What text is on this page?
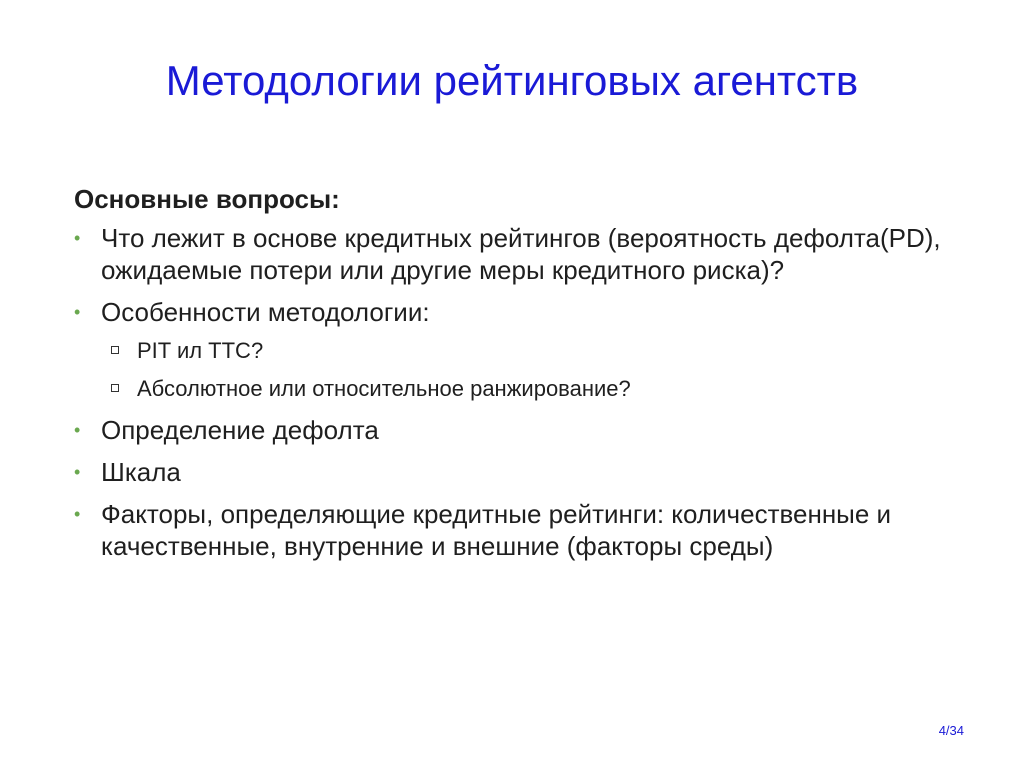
Методологии рейтинговых агентств
Основные вопросы:
• Что лежит в основе кредитных рейтингов (вероятность дефолта(PD), ожидаемые потери или другие меры кредитного риска)?
• Особенности методологии:
PIT ил TTC?
Абсолютное или относительное ранжирование?
• Определение дефолта
• Шкала
• Факторы, определяющие кредитные рейтинги: количественные и качественные, внутренние и внешние (факторы среды)
4/34
